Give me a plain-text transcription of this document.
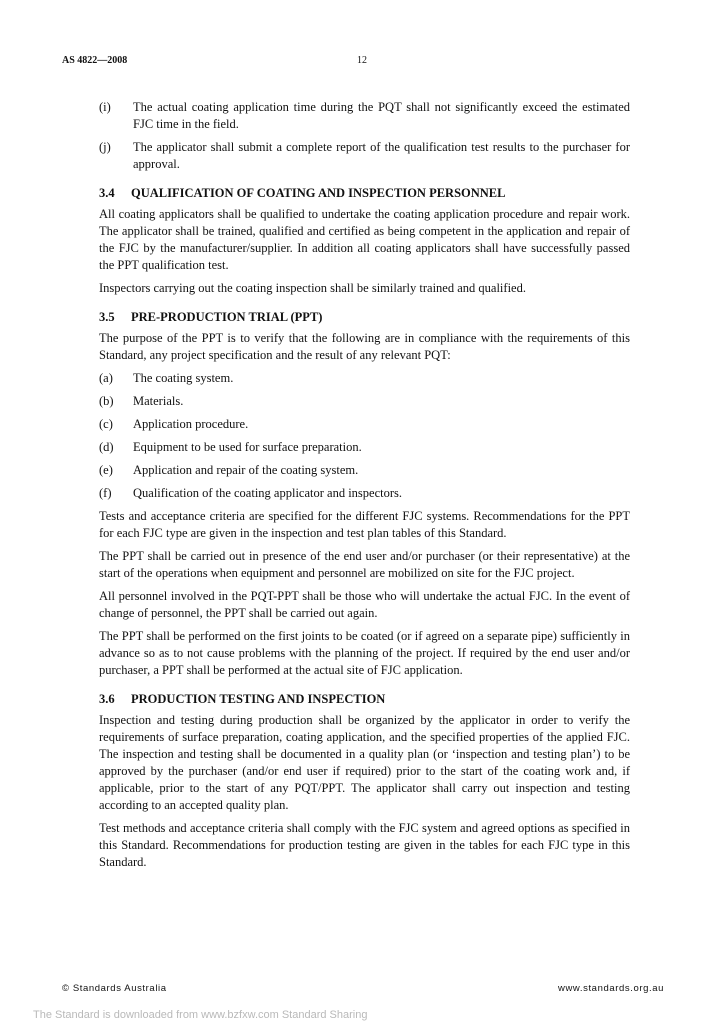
AS 4822—2008	12
(i)	The actual coating application time during the PQT shall not significantly exceed the estimated FJC time in the field.
(j)	The applicator shall submit a complete report of the qualification test results to the purchaser for approval.
3.4 QUALIFICATION OF COATING AND INSPECTION PERSONNEL

All coating applicators shall be qualified to undertake the coating application procedure and repair work. The applicator shall be trained, qualified and certified as being competent in the application and repair of the FJC by the manufacturer/supplier. In addition all coating applicators shall have successfully passed the PPT qualification test.

Inspectors carrying out the coating inspection shall be similarly trained and qualified.

3.5 PRE-PRODUCTION TRIAL (PPT)

The purpose of the PPT is to verify that the following are in compliance with the requirements of this Standard, any project specification and the result of any relevant PQT:

(a)	The coating system.
(b)	Materials.
(c)	Application procedure.
(d)	Equipment to be used for surface preparation.
(e)	Application and repair of the coating system.
(f)	Qualification of the coating applicator and inspectors.

Tests and acceptance criteria are specified for the different FJC systems. Recommendations for the PPT for each FJC type are given in the inspection and test plan tables of this Standard.

The PPT shall be carried out in presence of the end user and/or purchaser (or their representative) at the start of the operations when equipment and personnel are mobilized on site for the FJC project.

All personnel involved in the PQT-PPT shall be those who will undertake the actual FJC. In the event of change of personnel, the PPT shall be carried out again.

The PPT shall be performed on the first joints to be coated (or if agreed on a separate pipe) sufficiently in advance so as to not cause problems with the planning of the project. If required by the end user and/or purchaser, a PPT shall be performed at the actual site of FJC application.

3.6 PRODUCTION TESTING AND INSPECTION

Inspection and testing during production shall be organized by the applicator in order to verify the requirements of surface preparation, coating application, and the specified properties of the applied FJC. The inspection and testing shall be documented in a quality plan (or ‘inspection and testing plan’) to be approved by the purchaser (and/or end user if required) prior to the start of the coating work and, if applicable, prior to the start of any PQT/PPT. The applicator shall carry out inspection and testing according to an accepted quality plan.

Test methods and acceptance criteria shall comply with the FJC system and agreed options as specified in this Standard. Recommendations for production testing are given in the tables for each FJC type in this Standard.

© Standards Australia	www.standards.org.au
The Standard is downloaded from www.bzfxw.com Standard Sharing
